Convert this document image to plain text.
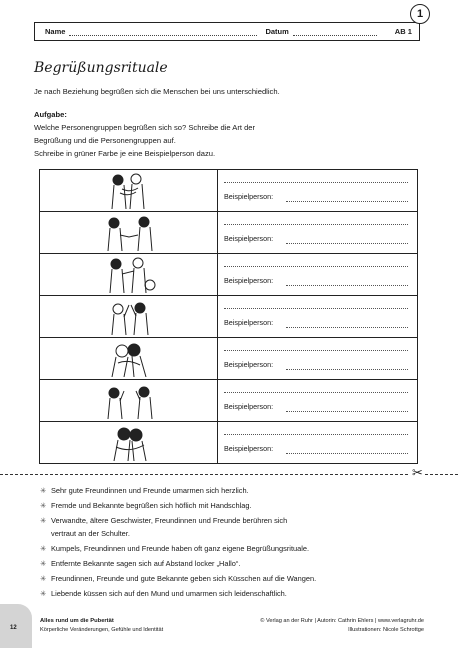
Name	Datum	AB 1
1
Begrüßungsrituale
Je nach Beziehung begrüßen sich die Menschen bei uns unterschiedlich.
Aufgabe:
Welche Personengruppen begrüßen sich so? Schreibe die Art der
Begrüßung und die Personengruppen auf.
Schreibe in grüner Farbe je eine Beispielperson dazu.
Beispielperson:
Beispielperson:
Beispielperson:
Beispielperson:
Beispielperson:
Beispielperson:
Beispielperson:
✂
✳ Sehr gute Freundinnen und Freunde umarmen sich herzlich.
✳ Fremde und Bekannte begrüßen sich höflich mit Handschlag.
✳ Verwandte, ältere Geschwister, Freundinnen und Freunde berühren sich
vertraut an der Schulter.
✳ Kumpels, Freundinnen und Freunde haben oft ganz eigene Begrüßungsrituale.
✳ Entfernte Bekannte sagen sich auf Abstand locker „Hallo“.
✳ Freundinnen, Freunde und gute Bekannte geben sich Küsschen auf die Wangen.
✳ Liebende küssen sich auf den Mund und umarmen sich leidenschaftlich.
12
Alles rund um die Pubertät
Körperliche Veränderungen, Gefühle und Identität
© Verlag an der Ruhr | Autorin: Cathrin Ehlers | www.verlagruhr.de
Illustrationen: Nicole Schrottge
